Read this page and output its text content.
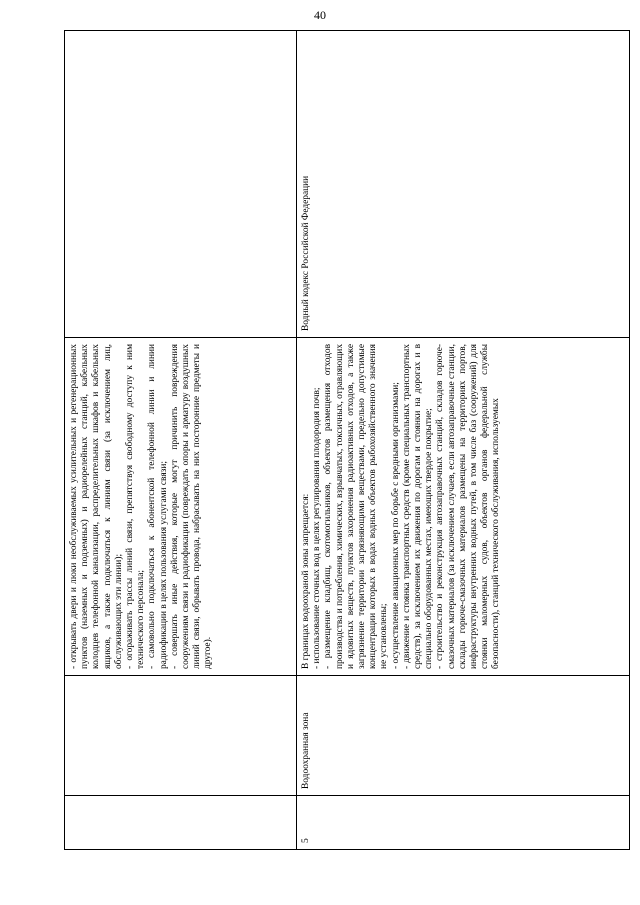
40
- открывать двери и люки необслуживаемых усилительных и регенерационных пунктов (наземных и подземных) и радиорелейных станций, кабельных колодцев телефонной канализации, распределительных шкафов и кабельных ящиков, а также подключаться к линиям связи (за исключением лиц, обслуживающих эти линии); - огораживать трассы линий связи, препятствуя свободному доступу к ним технического персонала; - самовольно подключаться к абонентской телефонной линии и линии радиофикации в целях пользования услугами связи; - совершать иные действия, которые могут причинить повреждения сооружениям связи и радиофикации (повреждать опоры и арматуру воздушных линий связи, обрывать провода, набрасывать на них посторонние предметы и другое).
5
Водоохранная зона
В границах водоохраной зоны запрещается: - использование сточных вод в целях регулирования плодородия почв; - размещение кладбищ, скотомогильников, объектов размещения отходов производства и потребления, химических, взрывчатых, токсичных, отравляющих и ядовитых веществ, пунктов захоронения радиоактивных отходов, а также загрязнение территории загрязняющими веществами, предельно допустимые концентрации которых в водах водных объектов рыбохозяйственного значения не установлены; - осуществление авиационных мер по борьбе с вредными организмами; - движение и стоянка транспортных средств (кроме специальных транспортных средств), за исключением их движения по дорогам и стоянки на дорогах и в специально оборудованных местах, имеющих твердое покрытие; - строительство и реконструкция автозаправочных станций, складов горюче-смазочных материалов (за исключением случаев, если автозаправочные станции, склады горюче-смазочных материалов размещены на территориях портов, инфраструктуры внутренних водных путей, в том числе баз (сооружений) для стоянки маломерных судов, объектов органов федеральной службы безопасности), станций технического обслуживания, используемых
Водный кодекс Российской Федерации
